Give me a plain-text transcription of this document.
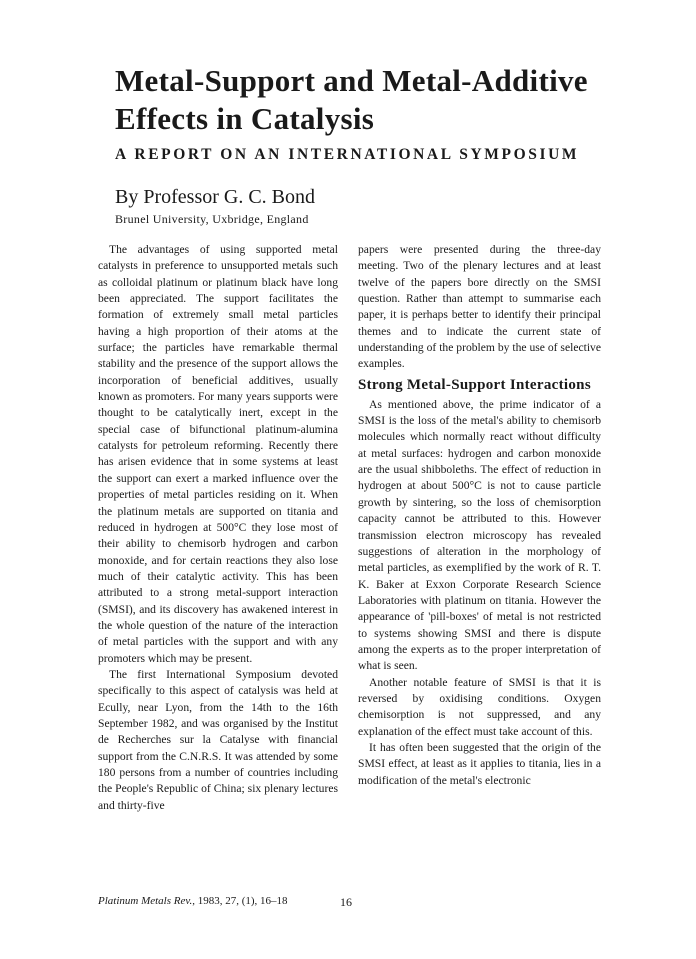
Metal-Support and Metal-Additive Effects in Catalysis
A REPORT ON AN INTERNATIONAL SYMPOSIUM
By Professor G. C. Bond
Brunel University, Uxbridge, England

The advantages of using supported metal catalysts in preference to unsupported metals such as colloidal platinum or platinum black have long been appreciated. The support facilitates the formation of extremely small metal particles having a high proportion of their atoms at the surface; the particles have remarkable thermal stability and the presence of the support allows the incorporation of beneficial additives, usually known as promoters. For many years supports were thought to be catalytically inert, except in the special case of bifunctional platinum-alumina catalysts for petroleum reforming. Recently there has arisen evidence that in some systems at least the support can exert a marked influence over the properties of metal particles residing on it. When the platinum metals are supported on titania and reduced in hydrogen at 500°C they lose most of their ability to chemisorb hydrogen and carbon monoxide, and for certain reactions they also lose much of their catalytic activity. This has been attributed to a strong metal-support interaction (SMSI), and its discovery has awakened interest in the whole question of the nature of the interaction of metal particles with the support and with any promoters which may be present.

The first International Symposium devoted specifically to this aspect of catalysis was held at Ecully, near Lyon, from the 14th to the 16th September 1982, and was organised by the Institut de Recherches sur la Catalyse with financial support from the C.N.R.S. It was attended by some 180 persons from a number of countries including the People's Republic of China; six plenary lectures and thirty-five

papers were presented during the three-day meeting. Two of the plenary lectures and at least twelve of the papers bore directly on the SMSI question. Rather than attempt to summarise each paper, it is perhaps better to identify their principal themes and to indicate the current state of understanding of the problem by the use of selective examples.

Strong Metal-Support Interactions

As mentioned above, the prime indicator of a SMSI is the loss of the metal's ability to chemisorb molecules which normally react without difficulty at metal surfaces: hydrogen and carbon monoxide are the usual shibboleths. The effect of reduction in hydrogen at about 500°C is not to cause particle growth by sintering, so the loss of chemisorption capacity cannot be attributed to this. However transmission electron microscopy has revealed suggestions of alteration in the morphology of metal particles, as exemplified by the work of R. T. K. Baker at Exxon Corporate Research Science Laboratories with platinum on titania. However the appearance of 'pill-boxes' of metal is not restricted to systems showing SMSI and there is dispute among the experts as to the proper interpretation of what is seen.

Another notable feature of SMSI is that it is reversed by oxidising conditions. Oxygen chemisorption is not suppressed, and any explanation of the effect must take account of this.

It has often been suggested that the origin of the SMSI effect, at least as it applies to titania, lies in a modification of the metal's electronic

Platinum Metals Rev., 1983, 27, (1), 16–18	16
